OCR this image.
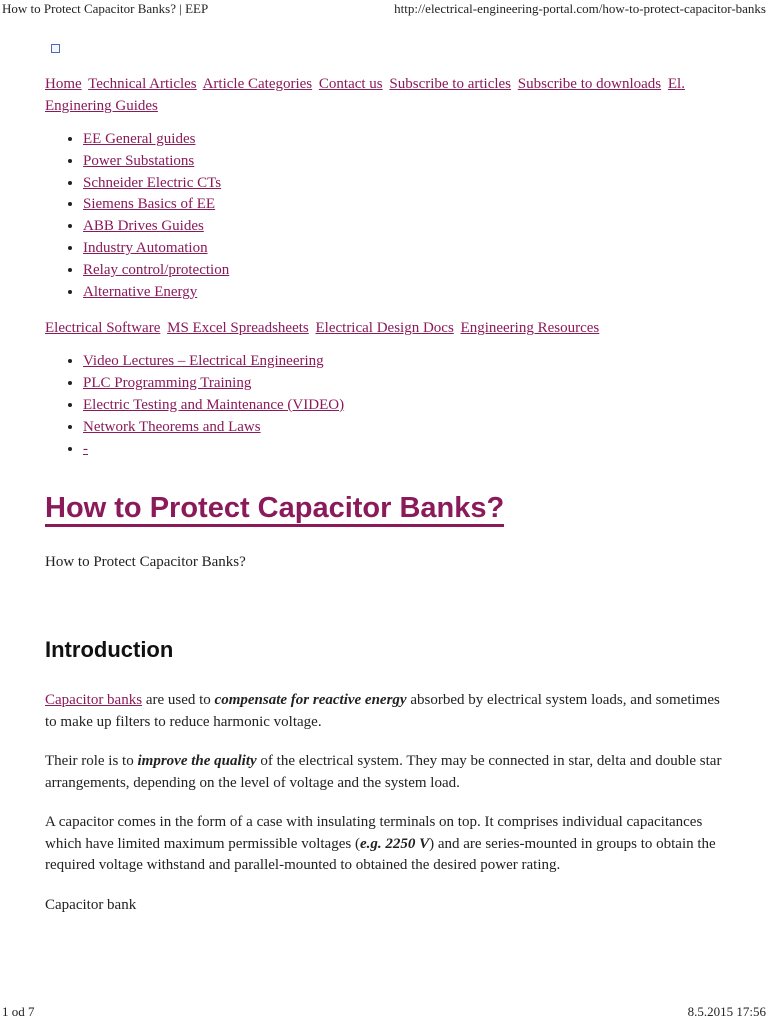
How to Protect Capacitor Banks? | EEP	http://electrical-engineering-portal.com/how-to-protect-capacitor-banks

Home Technical Articles Article Categories Contact us Subscribe to articles Subscribe to downloads El. Enginering Guides

• EE General guides
• Power Substations
• Schneider Electric CTs
• Siemens Basics of EE
• ABB Drives Guides
• Industry Automation
• Relay control/protection
• Alternative Energy

Electrical Software MS Excel Spreadsheets Electrical Design Docs Engineering Resources

• Video Lectures – Electrical Engineering
• PLC Programming Training
• Electric Testing and Maintenance (VIDEO)
• Network Theorems and Laws
• -
How to Protect Capacitor Banks?

How to Protect Capacitor Banks?

Introduction

Capacitor banks are used to compensate for reactive energy absorbed by electrical system loads, and sometimes to make up filters to reduce harmonic voltage.

Their role is to improve the quality of the electrical system. They may be connected in star, delta and double star arrangements, depending on the level of voltage and the system load.

A capacitor comes in the form of a case with insulating terminals on top. It comprises individual capacitances which have limited maximum permissible voltages (e.g. 2250 V) and are series-mounted in groups to obtain the required voltage withstand and parallel-mounted to obtained the desired power rating.

Capacitor bank

1 od 7	8.5.2015 17:56
